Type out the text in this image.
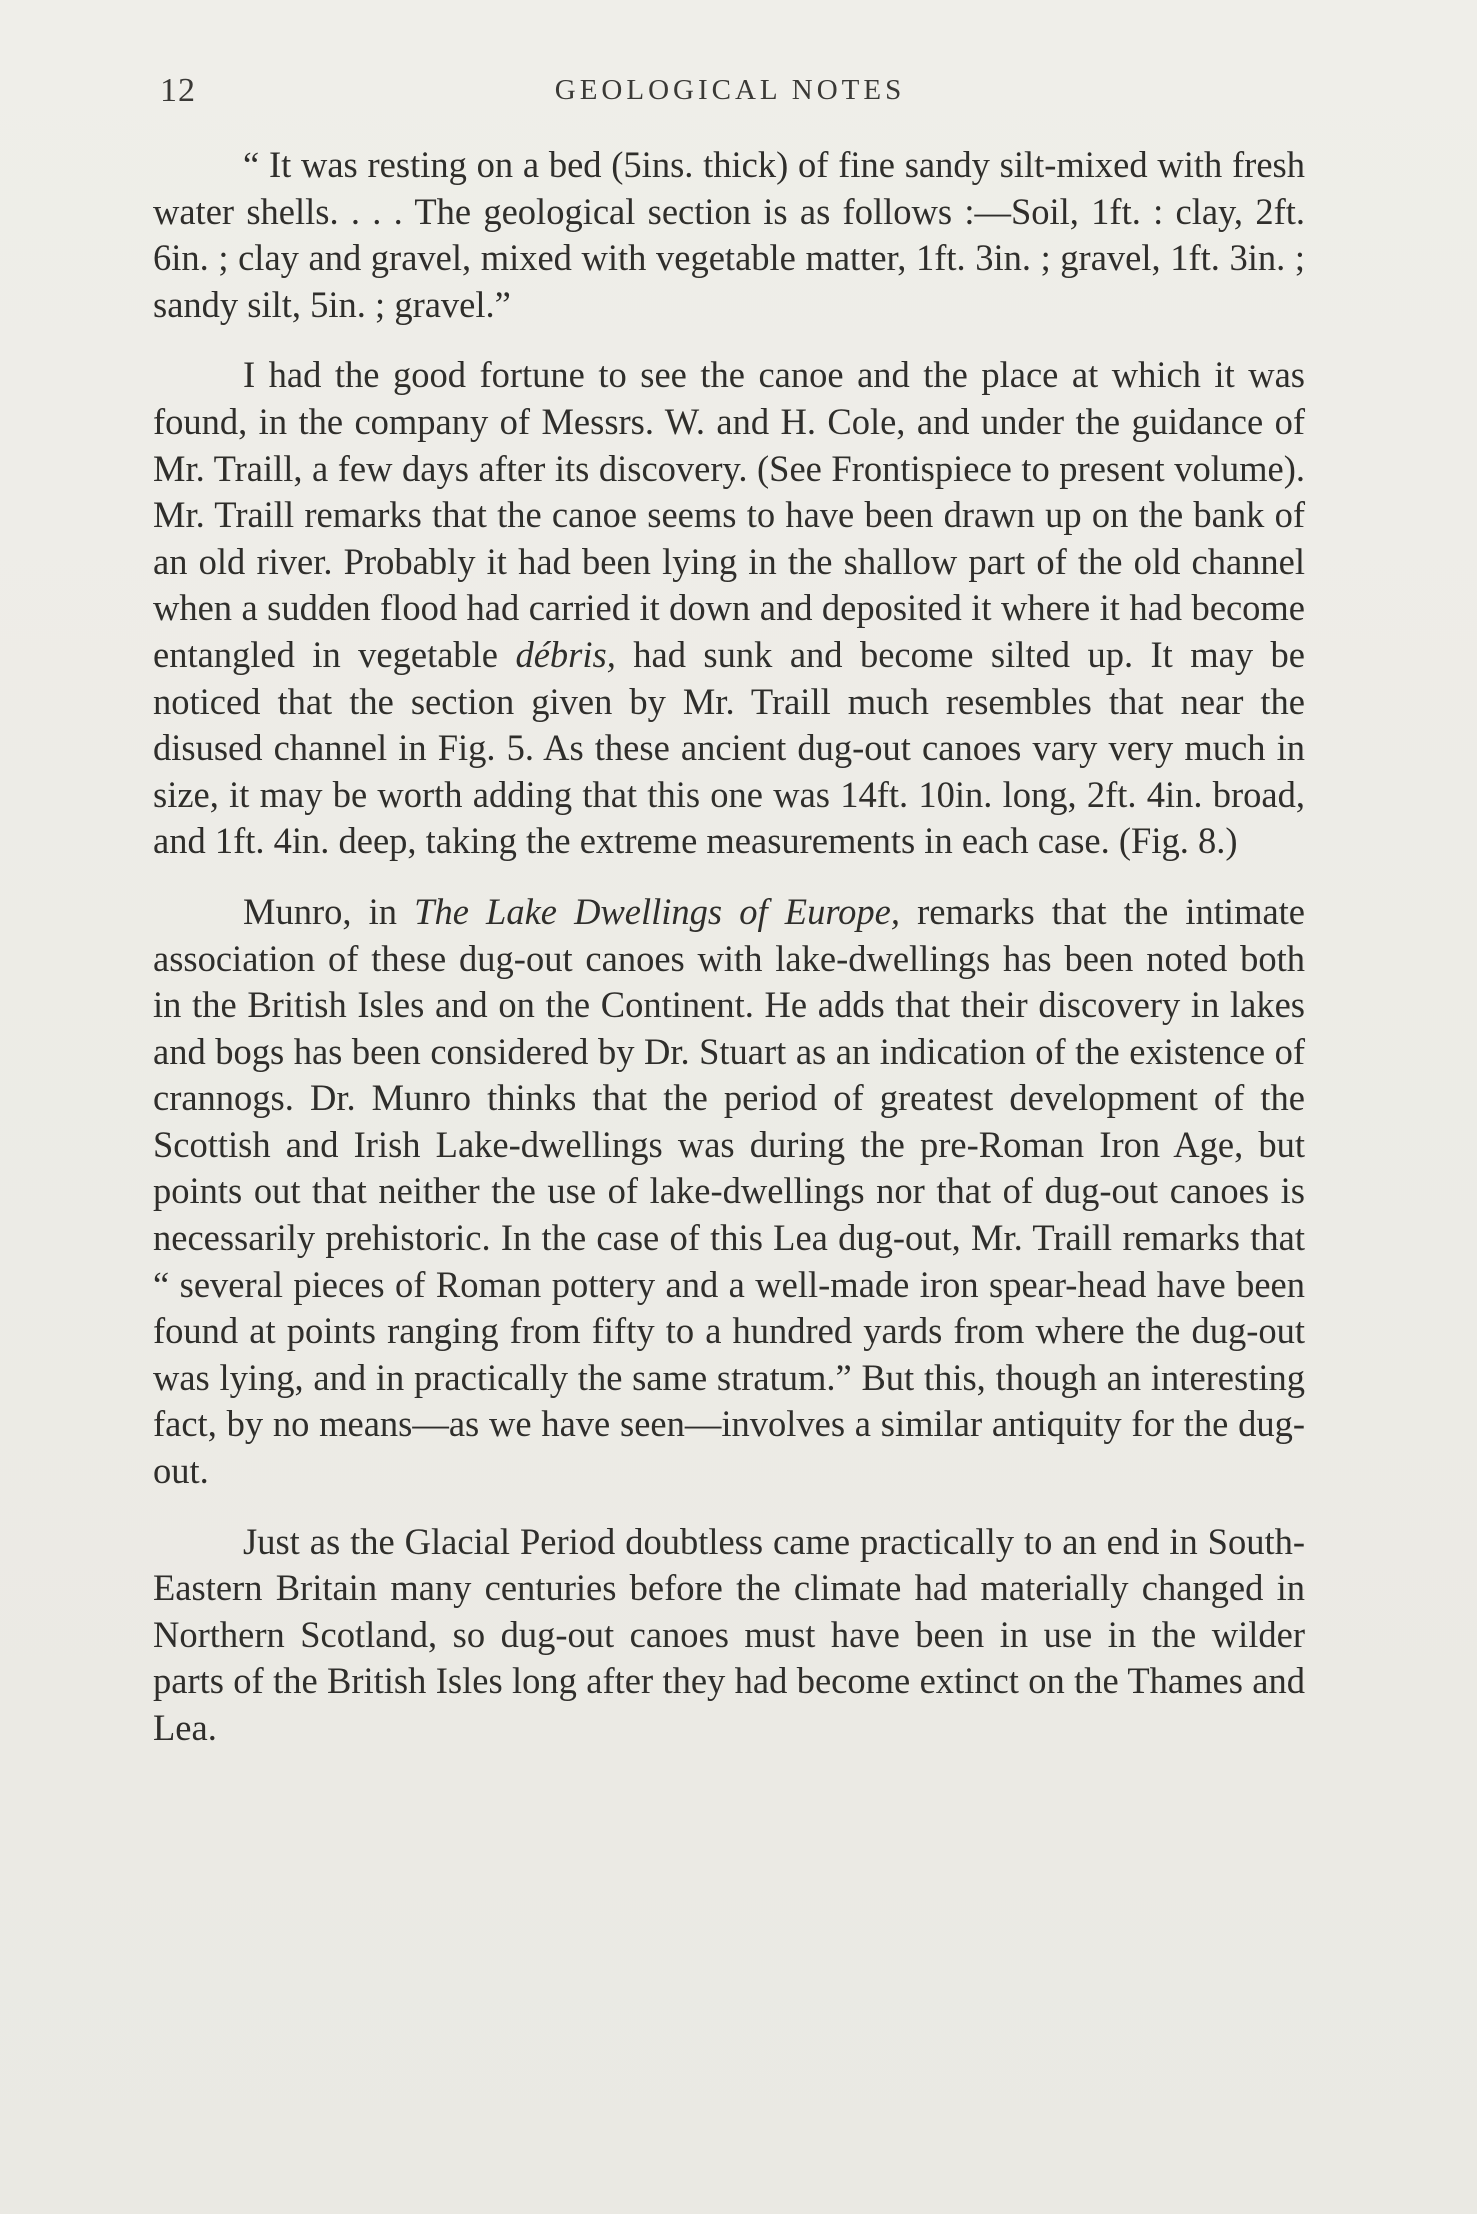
12	GEOLOGICAL NOTES

“ It was resting on a bed (5ins. thick) of fine sandy silt-mixed with fresh water shells. . . . The geological section is as follows :—Soil, 1ft. : clay, 2ft. 6in. ; clay and gravel, mixed with vegetable matter, 1ft. 3in. ; gravel, 1ft. 3in. ; sandy silt, 5in. ; gravel.”

I had the good fortune to see the canoe and the place at which it was found, in the company of Messrs. W. and H. Cole, and under the guidance of Mr. Traill, a few days after its discovery. (See Frontispiece to present volume). Mr. Traill remarks that the canoe seems to have been drawn up on the bank of an old river. Probably it had been lying in the shallow part of the old channel when a sudden flood had carried it down and deposited it where it had become entangled in vegetable débris, had sunk and become silted up. It may be noticed that the section given by Mr. Traill much resembles that near the disused channel in Fig. 5. As these ancient dug-out canoes vary very much in size, it may be worth adding that this one was 14ft. 10in. long, 2ft. 4in. broad, and 1ft. 4in. deep, taking the extreme measurements in each case. (Fig. 8.)

Munro, in The Lake Dwellings of Europe, remarks that the intimate association of these dug-out canoes with lake-dwellings has been noted both in the British Isles and on the Continent. He adds that their discovery in lakes and bogs has been considered by Dr. Stuart as an indication of the existence of crannogs. Dr. Munro thinks that the period of greatest development of the Scottish and Irish Lake-dwellings was during the pre-Roman Iron Age, but points out that neither the use of lake-dwellings nor that of dug-out canoes is necessarily prehistoric. In the case of this Lea dug-out, Mr. Traill remarks that “ several pieces of Roman pottery and a well-made iron spear-head have been found at points ranging from fifty to a hundred yards from where the dug-out was lying, and in practically the same stratum.” But this, though an interesting fact, by no means—as we have seen—involves a similar antiquity for the dug-out.

Just as the Glacial Period doubtless came practically to an end in South-Eastern Britain many centuries before the climate had materially changed in Northern Scotland, so dug-out canoes must have been in use in the wilder parts of the British Isles long after they had become extinct on the Thames and Lea.
